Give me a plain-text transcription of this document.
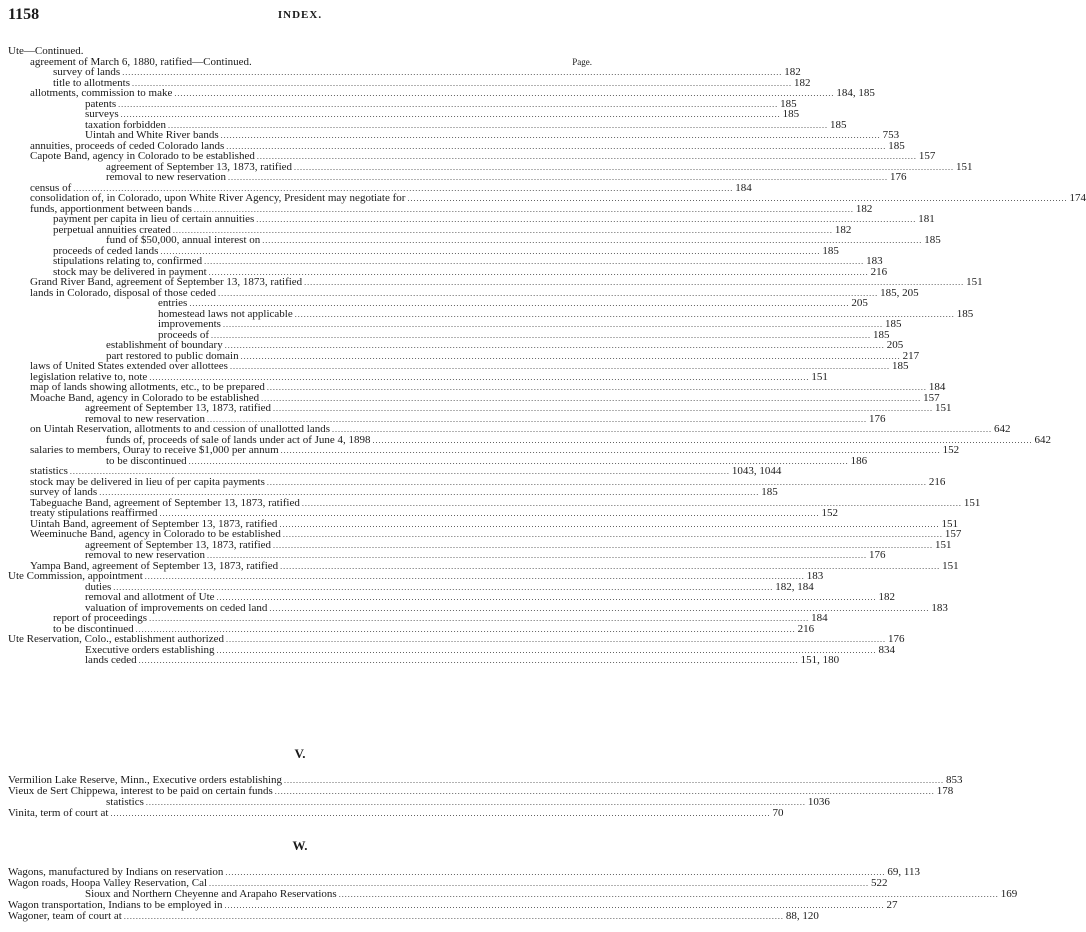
1158	INDEX.
Page.
Ute—Continued.
agreement of March 6, 1880, ratified—Continued.
survey of lands ............................................................................................................................................................................................................................ 182
title to allotments ............................................................................................................................................................................................................................ 182
allotments, commission to make ............................................................................................................................................................................................................................ 184, 185
patents ............................................................................................................................................................................................................................ 185
surveys ............................................................................................................................................................................................................................ 185
taxation forbidden ............................................................................................................................................................................................................................ 185
Uintah and White River bands ............................................................................................................................................................................................................................ 753
annuities, proceeds of ceded Colorado lands ............................................................................................................................................................................................................................ 185
Capote Band, agency in Colorado to be established ............................................................................................................................................................................................................................ 157
agreement of September 13, 1873, ratified ............................................................................................................................................................................................................................ 151
removal to new reservation ............................................................................................................................................................................................................................ 176
census of ............................................................................................................................................................................................................................ 184
consolidation of, in Colorado, upon White River Agency, President may negotiate for ............................................................................................................................................................................................................................ 174
funds, apportionment between bands ............................................................................................................................................................................................................................ 182
payment per capita in lieu of certain annuities ............................................................................................................................................................................................................................ 181
perpetual annuities created ............................................................................................................................................................................................................................ 182
fund of $50,000, annual interest on ............................................................................................................................................................................................................................ 185
proceeds of ceded lands ............................................................................................................................................................................................................................ 185
stipulations relating to, confirmed ............................................................................................................................................................................................................................ 183
stock may be delivered in payment ............................................................................................................................................................................................................................ 216
Grand River Band, agreement of September 13, 1873, ratified ............................................................................................................................................................................................................................ 151
lands in Colorado, disposal of those ceded ............................................................................................................................................................................................................................ 185, 205
entries ............................................................................................................................................................................................................................ 205
homestead laws not applicable ............................................................................................................................................................................................................................ 185
improvements ............................................................................................................................................................................................................................ 185
proceeds of ............................................................................................................................................................................................................................ 185
establishment of boundary ............................................................................................................................................................................................................................ 205
part restored to public domain ............................................................................................................................................................................................................................ 217
laws of United States extended over allottees ............................................................................................................................................................................................................................ 185
legislation relative to, note ............................................................................................................................................................................................................................ 151
map of lands showing allotments, etc., to be prepared ............................................................................................................................................................................................................................ 184
Moache Band, agency in Colorado to be established ............................................................................................................................................................................................................................ 157
agreement of September 13, 1873, ratified ............................................................................................................................................................................................................................ 151
removal to new reservation ............................................................................................................................................................................................................................ 176
on Uintah Reservation, allotments to and cession of unallotted lands ............................................................................................................................................................................................................................ 642
funds of, proceeds of sale of lands under act of June 4, 1898 ............................................................................................................................................................................................................................ 642
salaries to members, Ouray to receive $1,000 per annum ............................................................................................................................................................................................................................ 152
to be discontinued ............................................................................................................................................................................................................................ 186
statistics ............................................................................................................................................................................................................................ 1043, 1044
stock may be delivered in lieu of per capita payments ............................................................................................................................................................................................................................ 216
survey of lands ............................................................................................................................................................................................................................ 185
Tabeguache Band, agreement of September 13, 1873, ratified ............................................................................................................................................................................................................................ 151
treaty stipulations reaffirmed ............................................................................................................................................................................................................................ 152
Uintah Band, agreement of September 13, 1873, ratified ............................................................................................................................................................................................................................ 151
Weeminuche Band, agency in Colorado to be established ............................................................................................................................................................................................................................ 157
agreement of September 13, 1873, ratified ............................................................................................................................................................................................................................ 151
removal to new reservation ............................................................................................................................................................................................................................ 176
Yampa Band, agreement of September 13, 1873, ratified ............................................................................................................................................................................................................................ 151
Ute Commission, appointment ............................................................................................................................................................................................................................ 183
duties ............................................................................................................................................................................................................................ 182, 184
removal and allotment of Ute ............................................................................................................................................................................................................................ 182
valuation of improvements on ceded land ............................................................................................................................................................................................................................ 183
report of proceedings ............................................................................................................................................................................................................................ 184
to be discontinued ............................................................................................................................................................................................................................ 216
Ute Reservation, Colo., establishment authorized ............................................................................................................................................................................................................................ 176
Executive orders establishing ............................................................................................................................................................................................................................ 834
lands ceded ............................................................................................................................................................................................................................ 151, 180
V.
Vermilion Lake Reserve, Minn., Executive orders establishing ............................................................................................................................................................................................................................ 853
Vieux de Sert Chippewa, interest to be paid on certain funds ............................................................................................................................................................................................................................ 178
statistics ............................................................................................................................................................................................................................ 1036
Vinita, term of court at ............................................................................................................................................................................................................................ 70
W.
Wagons, manufactured by Indians on reservation ............................................................................................................................................................................................................................ 69, 113
Wagon roads, Hoopa Valley Reservation, Cal ............................................................................................................................................................................................................................ 522
Sioux and Northern Cheyenne and Arapaho Reservations ............................................................................................................................................................................................................................ 169
Wagon transportation, Indians to be employed in ............................................................................................................................................................................................................................ 27
Wagoner, team of court at ............................................................................................................................................................................................................................ 88, 120
